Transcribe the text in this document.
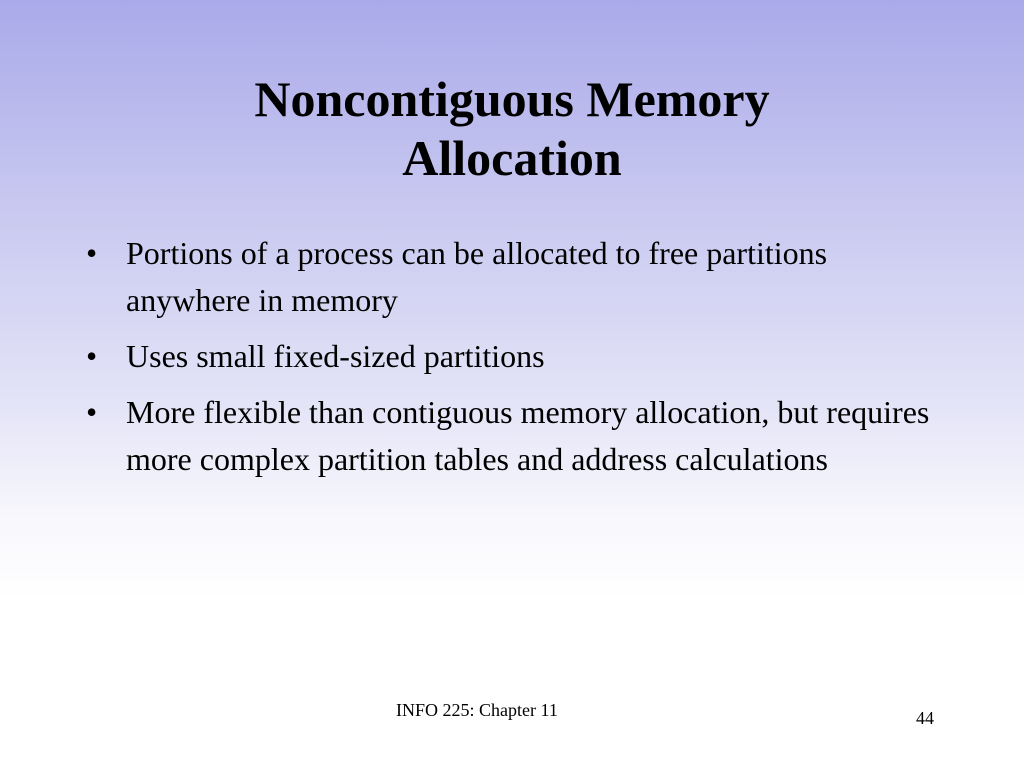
Noncontiguous Memory
Allocation
• Portions of a process can be allocated to free partitions anywhere in memory
• Uses small fixed-sized partitions
• More flexible than contiguous memory allocation, but requires more complex partition tables and address calculations
INFO 225: Chapter 11	44
